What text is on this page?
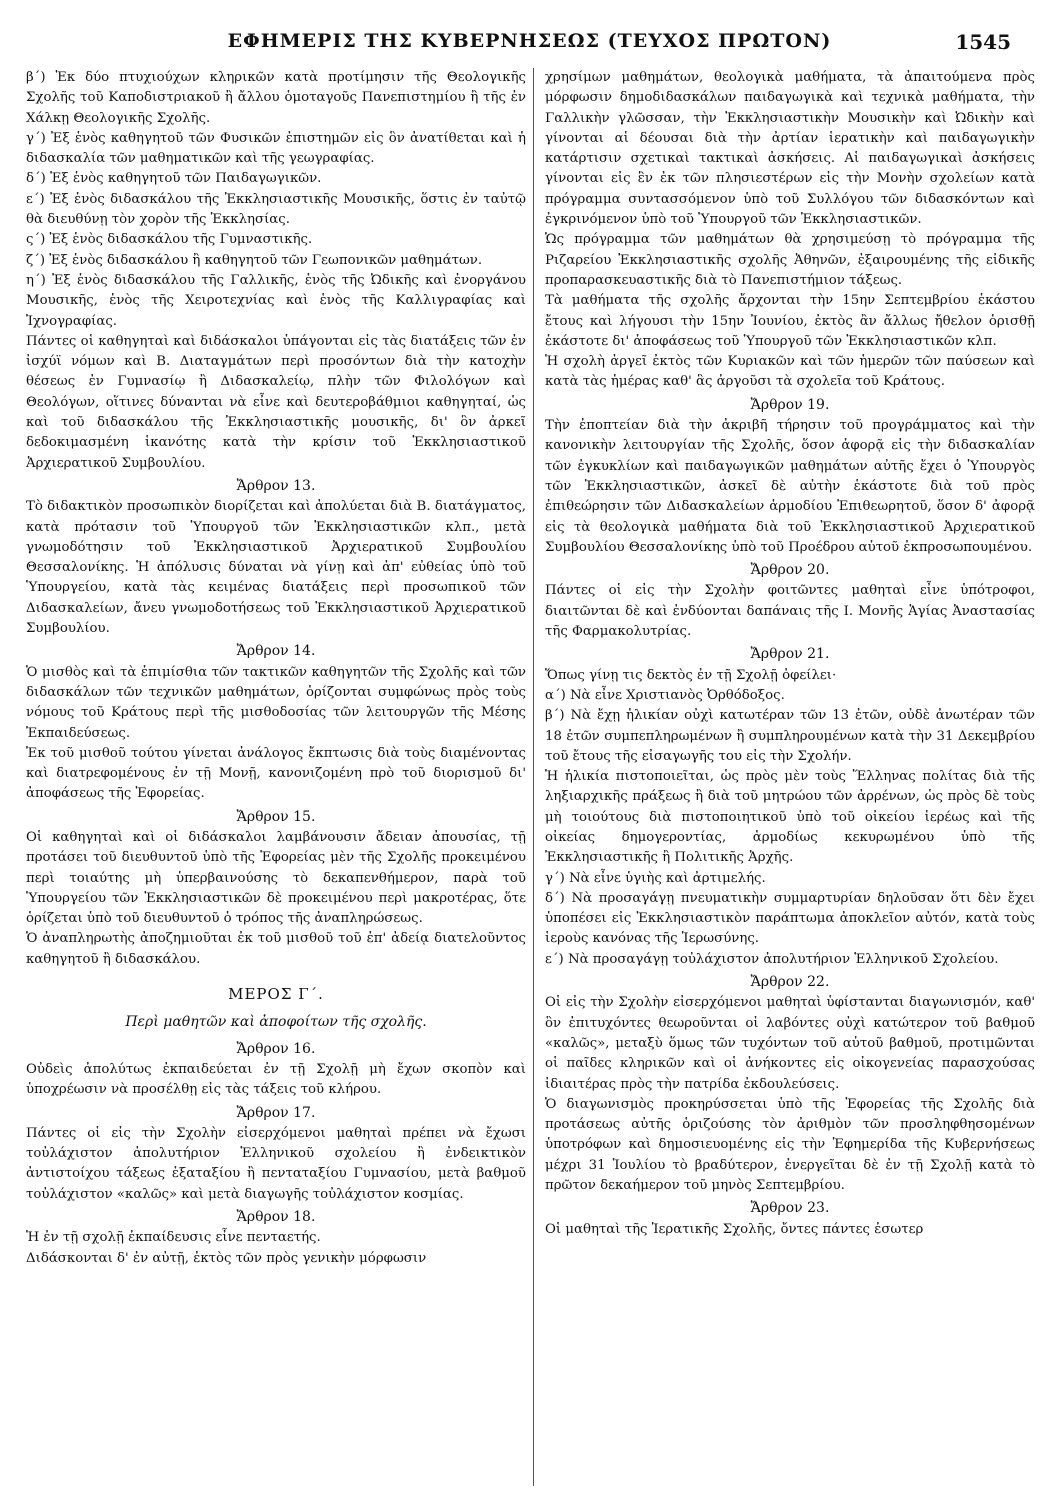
ΕΦΗΜΕΡΙΣ ΤΗΣ ΚΥΒΕΡΝΗΣΕΩΣ (ΤΕΥΧΟΣ ΠΡΩΤΟΝ)	1545

β΄) Ἐκ δύο πτυχιούχων κληρικῶν κατὰ προτίμησιν τῆς Θεολογικῆς Σχολῆς τοῦ Καποδιστριακοῦ ἢ ἄλλου ὁμοταγοῦς Πανεπιστημίου ἢ τῆς ἐν Χάλκῃ Θεολογικῆς Σχολῆς.

γ΄) Ἐξ ἑνὸς καθηγητοῦ τῶν Φυσικῶν ἐπιστημῶν εἰς ὃν ἀνατίθεται καὶ ἡ διδασκαλία τῶν μαθηματικῶν καὶ τῆς γεωγραφίας.

δ΄) Ἐξ ἑνὸς καθηγητοῦ τῶν Παιδαγωγικῶν.

ε΄) Ἐξ ἑνὸς διδασκάλου τῆς Ἐκκλησιαστικῆς Μουσικῆς, ὅστις ἐν ταὐτῷ θὰ διευθύνῃ τὸν χορὸν τῆς Ἐκκλησίας.

ς΄) Ἐξ ἑνὸς διδασκάλου τῆς Γυμναστικῆς.

ζ΄) Ἐξ ἑνὸς διδασκάλου ἢ καθηγητοῦ τῶν Γεωπονικῶν μαθημάτων.

η΄) Ἐξ ἑνὸς διδασκάλου τῆς Γαλλικῆς, ἑνὸς τῆς Ὠδικῆς καὶ ἐνοργάνου Μουσικῆς, ἑνὸς τῆς Χειροτεχνίας καὶ ἑνὸς τῆς Καλλιγραφίας καὶ Ἰχνογραφίας.

Πάντες οἱ καθηγηταὶ καὶ διδάσκαλοι ὑπάγονται εἰς τὰς διατάξεις τῶν ἐν ἰσχύϊ νόμων καὶ Β. Διαταγμάτων περὶ προσόντων διὰ τὴν κατοχὴν θέσεως ἐν Γυμνασίῳ ἢ Διδασκαλείῳ, πλὴν τῶν Φιλολόγων καὶ Θεολόγων, οἵτινες δύνανται νὰ εἶνε καὶ δευτεροβάθμιοι καθηγηταί, ὡς καὶ τοῦ διδασκάλου τῆς Ἐκκλησιαστικῆς μουσικῆς, δι' ὃν ἀρκεῖ δεδοκιμασμένη ἱκανότης κατὰ τὴν κρίσιν τοῦ Ἐκκλησιαστικοῦ Ἀρχιερατικοῦ Συμβουλίου.

Ἄρθρον 13.

Τὸ διδακτικὸν προσωπικὸν διορίζεται καὶ ἀπολύεται διὰ Β. διατάγματος, κατὰ πρότασιν τοῦ Ὑπουργοῦ τῶν Ἐκκλησιαστικῶν κλπ., μετὰ γνωμοδότησιν τοῦ Ἐκκλησιαστικοῦ Ἀρχιερατικοῦ Συμβουλίου Θεσσαλονίκης. Ἡ ἀπόλυσις δύναται νὰ γίνῃ καὶ ἀπ' εὐθείας ὑπὸ τοῦ Ὑπουργείου, κατὰ τὰς κειμένας διατάξεις περὶ προσωπικοῦ τῶν Διδασκαλείων, ἄνευ γνωμοδοτήσεως τοῦ Ἐκκλησιαστικοῦ Ἀρχιερατικοῦ Συμβουλίου.

Ἄρθρον 14.

Ὁ μισθὸς καὶ τὰ ἐπιμίσθια τῶν τακτικῶν καθηγητῶν τῆς Σχολῆς καὶ τῶν διδασκάλων τῶν τεχνικῶν μαθημάτων, ὁρίζονται συμφώνως πρὸς τοὺς νόμους τοῦ Κράτους περὶ τῆς μισθοδοσίας τῶν λειτουργῶν τῆς Μέσης Ἐκπαιδεύσεως.

Ἐκ τοῦ μισθοῦ τούτου γίνεται ἀνάλογος ἔκπτωσις διὰ τοὺς διαμένοντας καὶ διατρεφομένους ἐν τῇ Μονῇ, κανονιζομένη πρὸ τοῦ διορισμοῦ δι' ἀποφάσεως τῆς Ἐφορείας.

Ἄρθρον 15.

Οἱ καθηγηταὶ καὶ οἱ διδάσκαλοι λαμβάνουσιν ἄδειαν ἀπουσίας, τῇ προτάσει τοῦ διευθυντοῦ ὑπὸ τῆς Ἐφορείας μὲν τῆς Σχολῆς προκειμένου περὶ τοιαύτης μὴ ὑπερβαινούσης τὸ δεκαπενθήμερον, παρὰ τοῦ Ὑπουργείου τῶν Ἐκκλησιαστικῶν δὲ προκειμένου περὶ μακροτέρας, ὅτε ὁρίζεται ὑπὸ τοῦ διευθυντοῦ ὁ τρόπος τῆς ἀναπληρώσεως.

Ὁ ἀναπληρωτὴς ἀποζημιοῦται ἐκ τοῦ μισθοῦ τοῦ ἐπ' ἀδείᾳ διατελοῦντος καθηγητοῦ ἢ διδασκάλου.

ΜΕΡΟΣ Γ΄.
Περὶ μαθητῶν καὶ ἀποφοίτων τῆς σχολῆς.
Ἄρθρον 16.

Οὐδεὶς ἀπολύτως ἐκπαιδεύεται ἐν τῇ Σχολῇ μὴ ἔχων σκοπὸν καὶ ὑποχρέωσιν νὰ προσέλθῃ εἰς τὰς τάξεις τοῦ κλήρου.

Ἄρθρον 17.

Πάντες οἱ εἰς τὴν Σχολὴν εἰσερχόμενοι μαθηταὶ πρέπει νὰ ἔχωσι τοὐλάχιστον ἀπολυτήριον Ἑλληνικοῦ σχολείου ἢ ἐνδεικτικὸν ἀντιστοίχου τάξεως ἑξαταξίου ἢ πενταταξίου Γυμνασίου, μετὰ βαθμοῦ τοὐλάχιστον «καλῶς» καὶ μετὰ διαγωγῆς τοὐλάχιστον κοσμίας.

Ἄρθρον 18.

Ἡ ἐν τῇ σχολῇ ἐκπαίδευσις εἶνε πενταετής.

Διδάσκονται δ' ἐν αὐτῇ, ἐκτὸς τῶν πρὸς γενικὴν μόρφωσιν

χρησίμων μαθημάτων, θεολογικὰ μαθήματα, τὰ ἀπαιτούμενα πρὸς μόρφωσιν δημοδιδασκάλων παιδαγωγικὰ καὶ τεχνικὰ μαθήματα, τὴν Γαλλικὴν γλῶσσαν, τὴν Ἐκκλησιαστικὴν Μουσικὴν καὶ Ὠδικὴν καὶ γίνονται αἱ δέουσαι διὰ τὴν ἀρτίαν ἱερατικὴν καὶ παιδαγωγικὴν κατάρτισιν σχετικαὶ τακτικαὶ ἀσκήσεις. Αἱ παιδαγωγικαὶ ἀσκήσεις γίνονται εἰς ἓν ἐκ τῶν πλησιεστέρων εἰς τὴν Μονὴν σχολείων κατὰ πρόγραμμα συντασσόμενον ὑπὸ τοῦ Συλλόγου τῶν διδασκόντων καὶ ἐγκρινόμενον ὑπὸ τοῦ Ὑπουργοῦ τῶν Ἐκκλησιαστικῶν.

Ὡς πρόγραμμα τῶν μαθημάτων θὰ χρησιμεύσῃ τὸ πρόγραμμα τῆς Ριζαρείου Ἐκκλησιαστικῆς σχολῆς Ἀθηνῶν, ἐξαιρουμένης τῆς εἰδικῆς προπαρασκευαστικῆς διὰ τὸ Πανεπιστήμιον τάξεως.

Τὰ μαθήματα τῆς σχολῆς ἄρχονται τὴν 15ην Σεπτεμβρίου ἑκάστου ἔτους καὶ λήγουσι τὴν 15ην Ἰουνίου, ἐκτὸς ἂν ἄλλως ἤθελον ὁρισθῇ ἑκάστοτε δι' ἀποφάσεως τοῦ Ὑπουργοῦ τῶν Ἐκκλησιαστικῶν κλπ.

Ἡ σχολὴ ἀργεῖ ἐκτὸς τῶν Κυριακῶν καὶ τῶν ἡμερῶν τῶν παύσεων καὶ κατὰ τὰς ἡμέρας καθ' ἃς ἀργοῦσι τὰ σχολεῖα τοῦ Κράτους.

Ἄρθρον 19.

Τὴν ἐποπτείαν διὰ τὴν ἀκριβῆ τήρησιν τοῦ προγράμματος καὶ τὴν κανονικὴν λειτουργίαν τῆς Σχολῆς, ὅσον ἀφορᾷ εἰς τὴν διδασκαλίαν τῶν ἐγκυκλίων καὶ παιδαγωγικῶν μαθημάτων αὐτῆς ἔχει ὁ Ὑπουργὸς τῶν Ἐκκλησιαστικῶν, ἀσκεῖ δὲ αὐτὴν ἑκάστοτε διὰ τοῦ πρὸς ἐπιθεώρησιν τῶν Διδασκαλείων ἁρμοδίου Ἐπιθεωρητοῦ, ὅσον δ' ἀφορᾷ εἰς τὰ θεολογικὰ μαθήματα διὰ τοῦ Ἐκκλησιαστικοῦ Ἀρχιερατικοῦ Συμβουλίου Θεσσαλονίκης ὑπὸ τοῦ Προέδρου αὐτοῦ ἐκπροσωπουμένου.

Ἄρθρον 20.

Πάντες οἱ εἰς τὴν Σχολὴν φοιτῶντες μαθηταὶ εἶνε ὑπότροφοι, διαιτῶνται δὲ καὶ ἐνδύονται δαπάναις τῆς Ι. Μονῆς Ἁγίας Ἀναστασίας τῆς Φαρμακολυτρίας.

Ἄρθρον 21.

Ὅπως γίνῃ τις δεκτὸς ἐν τῇ Σχολῇ ὀφείλει·

α΄) Νὰ εἶνε Χριστιανὸς Ὀρθόδοξος.

β΄) Νὰ ἔχῃ ἡλικίαν οὐχὶ κατωτέραν τῶν 13 ἐτῶν, οὐδὲ ἀνωτέραν τῶν 18 ἐτῶν συμπεπληρωμένων ἢ συμπληρουμένων κατὰ τὴν 31 Δεκεμβρίου τοῦ ἔτους τῆς εἰσαγωγῆς του εἰς τὴν Σχολήν.

Ἡ ἡλικία πιστοποιεῖται, ὡς πρὸς μὲν τοὺς Ἕλληνας πολίτας διὰ τῆς ληξιαρχικῆς πράξεως ἢ διὰ τοῦ μητρώου τῶν ἀρρένων, ὡς πρὸς δὲ τοὺς μὴ τοιούτους διὰ πιστοποιητικοῦ ὑπὸ τοῦ οἰκείου ἱερέως καὶ τῆς οἰκείας δημογεροντίας, ἁρμοδίως κεκυρωμένου ὑπὸ τῆς Ἐκκλησιαστικῆς ἢ Πολιτικῆς Ἀρχῆς.

γ΄) Νὰ εἶνε ὑγιὴς καὶ ἀρτιμελής.

δ΄) Νὰ προσαγάγῃ πνευματικὴν συμμαρτυρίαν δηλοῦσαν ὅτι δὲν ἔχει ὑποπέσει εἰς Ἐκκλησιαστικὸν παράπτωμα ἀποκλεῖον αὐτόν, κατὰ τοὺς ἱεροὺς κανόνας τῆς Ἱερωσύνης.

ε΄) Νὰ προσαγάγῃ τοὐλάχιστον ἀπολυτήριον Ἑλληνικοῦ Σχολείου.

Ἄρθρον 22.

Οἱ εἰς τὴν Σχολὴν εἰσερχόμενοι μαθηταὶ ὑφίστανται διαγωνισμόν, καθ' ὃν ἐπιτυχόντες θεωροῦνται οἱ λαβόντες οὐχὶ κατώτερον τοῦ βαθμοῦ «καλῶς», μεταξὺ ὅμως τῶν τυχόντων τοῦ αὐτοῦ βαθμοῦ, προτιμῶνται οἱ παῖδες κληρικῶν καὶ οἱ ἀνήκοντες εἰς οἰκογενείας παρασχούσας ἰδιαιτέρας πρὸς τὴν πατρίδα ἐκδουλεύσεις.

Ὁ διαγωνισμὸς προκηρύσσεται ὑπὸ τῆς Ἐφορείας τῆς Σχολῆς διὰ προτάσεως αὐτῆς ὁριζούσης τὸν ἀριθμὸν τῶν προσληφθησομένων ὑποτρόφων καὶ δημοσιευομένης εἰς τὴν Ἐφημερίδα τῆς Κυβερνήσεως μέχρι 31 Ἰουλίου τὸ βραδύτερον, ἐνεργεῖται δὲ ἐν τῇ Σχολῇ κατὰ τὸ πρῶτον δεκαήμερον τοῦ μηνὸς Σεπτεμβρίου.

Ἄρθρον 23.

Οἱ μαθηταὶ τῆς Ἱερατικῆς Σχολῆς, ὄντες πάντες ἐσωτερ
